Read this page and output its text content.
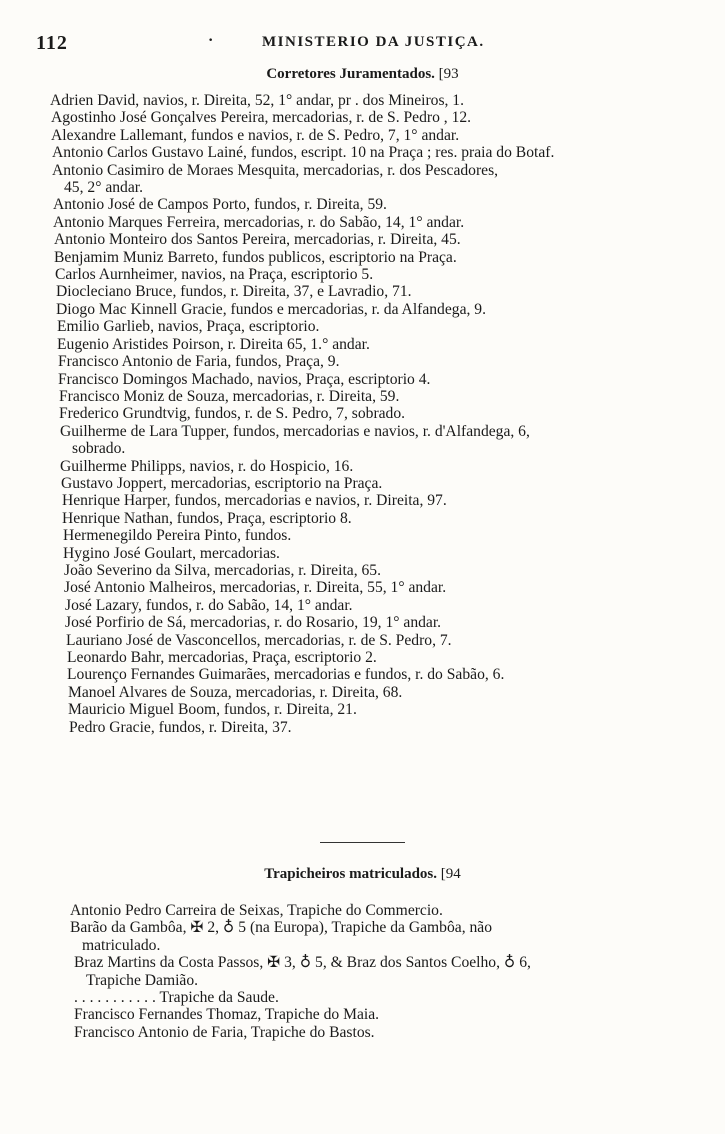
112	·	MINISTERIO DA JUSTIÇA.
Corretores Juramentados. [93
Adrien David, navios, r. Direita, 52, 1° andar, pr . dos Mineiros, 1.
Agostinho José Gonçalves Pereira, mercadorias, r. de S. Pedro , 12.
Alexandre Lallemant, fundos e navios, r. de S. Pedro, 7, 1° andar.
Antonio Carlos Gustavo Lainé, fundos, escript. 10 na Praça ; res. praia do Botaf.
Antonio Casimiro de Moraes Mesquita, mercadorias, r. dos Pescadores,
45, 2° andar.
Antonio José de Campos Porto, fundos, r. Direita, 59.
Antonio Marques Ferreira, mercadorias, r. do Sabão, 14, 1° andar.
Antonio Monteiro dos Santos Pereira, mercadorias, r. Direita, 45.
Benjamim Muniz Barreto, fundos publicos, escriptorio na Praça.
Carlos Aurnheimer, navios, na Praça, escriptorio 5.
Diocleciano Bruce, fundos, r. Direita, 37, e Lavradio, 71.
Diogo Mac Kinnell Gracie, fundos e mercadorias, r. da Alfandega, 9.
Emilio Garlieb, navios, Praça, escriptorio.
Eugenio Aristides Poirson, r. Direita 65, 1.° andar.
Francisco Antonio de Faria, fundos, Praça, 9.
Francisco Domingos Machado, navios, Praça, escriptorio 4.
Francisco Moniz de Souza, mercadorias, r. Direita, 59.
Frederico Grundtvig, fundos, r. de S. Pedro, 7, sobrado.
Guilherme de Lara Tupper, fundos, mercadorias e navios, r. d'Alfandega, 6,
sobrado.
Guilherme Philipps, navios, r. do Hospicio, 16.
Gustavo Joppert, mercadorias, escriptorio na Praça.
Henrique Harper, fundos, mercadorias e navios, r. Direita, 97.
Henrique Nathan, fundos, Praça, escriptorio 8.
Hermenegildo Pereira Pinto, fundos.
Hygino José Goulart, mercadorias.
João Severino da Silva, mercadorias, r. Direita, 65.
José Antonio Malheiros, mercadorias, r. Direita, 55, 1° andar.
José Lazary, fundos, r. do Sabão, 14, 1° andar.
José Porfirio de Sá, mercadorias, r. do Rosario, 19, 1° andar.
Lauriano José de Vasconcellos, mercadorias, r. de S. Pedro, 7.
Leonardo Bahr, mercadorias, Praça, escriptorio 2.
Lourenço Fernandes Guimarães, mercadorias e fundos, r. do Sabão, 6.
Manoel Alvares de Souza, mercadorias, r. Direita, 68.
Mauricio Miguel Boom, fundos, r. Direita, 21.
Pedro Gracie, fundos, r. Direita, 37.
Trapicheiros matriculados. [94
Antonio Pedro Carreira de Seixas, Trapiche do Commercio.
Barão da Gambôa, ✠ 2, ♁ 5 (na Europa), Trapiche da Gambôa, não
matriculado.
Braz Martins da Costa Passos, ✠ 3, ♁ 5, & Braz dos Santos Coelho, ♁ 6,
Trapiche Damião.
. . . . . . . . . . . Trapiche da Saude.
Francisco Fernandes Thomaz, Trapiche do Maia.
Francisco Antonio de Faria, Trapiche do Bastos.
